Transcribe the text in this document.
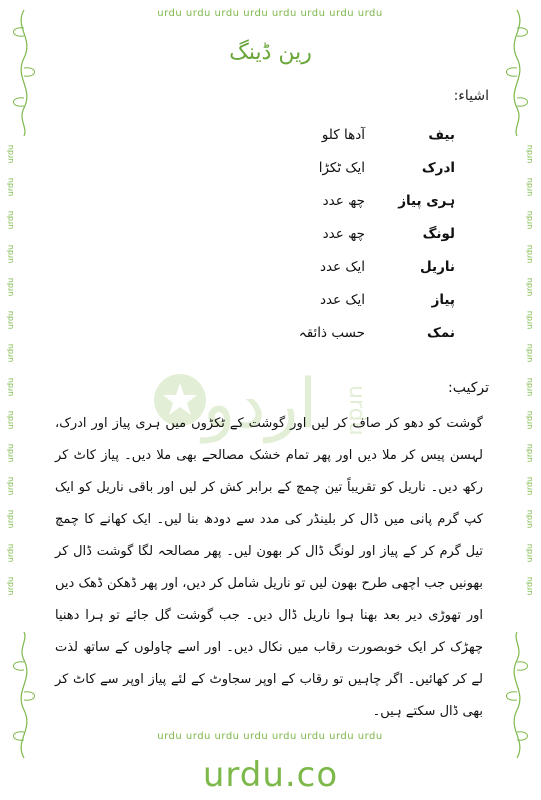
urdu urdu urdu urdu urdu urdu urdu urdu
urdu
urdu
urdu
urdu
urdu
urdu
urdu
urdu
urdu
urdu
urdu
urdu
urdu
urdu
urdu
urdu
urdu
urdu
urdu
urdu
urdu
urdu
urdu
urdu
urdu
urdu
urdu
urdu
رین ڈینگ
اشیاء:
بیف
آدھا کلو
ادرک
ایک ٹکڑا
ہری پیاز
چھ عدد
لونگ
چھ عدد
ناریل
ایک عدد
پیاز
ایک عدد
نمک
حسب ذائقہ
اردو urdu	ترکیب:
گوشت کو دھو کر صاف کر لیں اور گوشت کے ٹکڑوں میں ہری پیاز اور ادرک، لہسن پیس کر ملا دیں اور پھر تمام خشک مصالحے بھی ملا دیں۔ پیاز کاٹ کر رکھ دیں۔ ناریل کو تقریباً تین چمچ کے برابر کش کر لیں اور باقی ناریل کو ایک کپ گرم پانی میں ڈال کر بلینڈر کی مدد سے دودھ بنا لیں۔ ایک کھانے کا چمچ تیل گرم کر کے پیاز اور لونگ ڈال کر بھون لیں۔ پھر مصالحہ لگا گوشت ڈال کر بھونیں جب اچھی طرح بھون لیں تو ناریل شامل کر دیں، اور پھر ڈھکن ڈھک دیں اور تھوڑی دیر بعد بھنا ہوا ناریل ڈال دیں۔ جب گوشت گل جائے تو ہرا دھنیا چھڑک کر ایک خوبصورت رقاب میں نکال دیں۔ اور اسے چاولوں کے ساتھ لذت لے کر کھائیں۔ اگر چاہیں تو رقاب کے اوپر سجاوٹ کے لئے پیاز اوپر سے کاٹ کر بھی ڈال سکتے ہیں۔
urdu urdu urdu urdu urdu urdu urdu urdu
urdu.co
